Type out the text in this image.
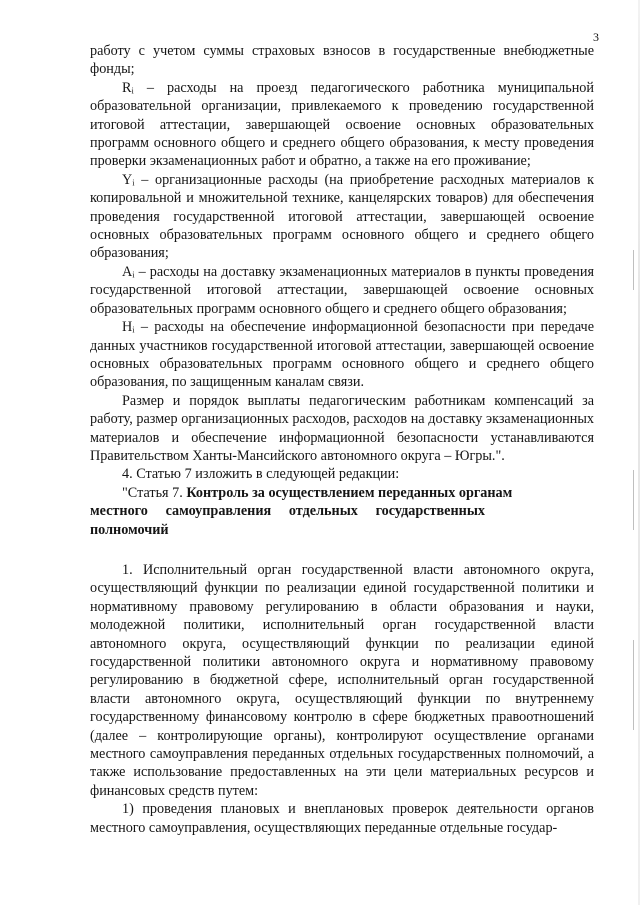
3

работу с учетом суммы страховых взносов в государственные внебюджетные фонды;

Rᵢ – расходы на проезд педагогического работника муниципальной образовательной организации, привлекаемого к проведению государственной итоговой аттестации, завершающей освоение основных образовательных программ основного общего и среднего общего образования, к месту проведения проверки экзаменационных работ и обратно, а также на его проживание;

Yᵢ – организационные расходы (на приобретение расходных материалов к копировальной и множительной технике, канцелярских товаров) для обеспечения проведения государственной итоговой аттестации, завершающей освоение основных образовательных программ основного общего и среднего общего образования;

Aᵢ – расходы на доставку экзаменационных материалов в пункты проведения государственной итоговой аттестации, завершающей освоение основных образовательных программ основного общего и среднего общего образования;

Hᵢ – расходы на обеспечение информационной безопасности при передаче данных участников государственной итоговой аттестации, завершающей освоение основных образовательных программ основного общего и среднего общего образования, по защищенным каналам связи.

Размер и порядок выплаты педагогическим работникам компенсаций за работу, размер организационных расходов, расходов на доставку экзаменационных материалов и обеспечение информационной безопасности устанавливаются Правительством Ханты-Мансийского автономного округа – Югры.".

4. Статью 7 изложить в следующей редакции:

"Статья 7. Контроль за осуществлением переданных органам

местного самоуправления отдельных государственных полномочий

1. Исполнительный орган государственной власти автономного округа, осуществляющий функции по реализации единой государственной политики и нормативному правовому регулированию в области образования и науки, молодежной политики, исполнительный орган государственной власти автономного округа, осуществляющий функции по реализации единой государственной политики автономного округа и нормативному правовому регулированию в бюджетной сфере, исполнительный орган государственной власти автономного округа, осуществляющий функции по внутреннему государственному финансовому контролю в сфере бюджетных правоотношений (далее – контролирующие органы), контролируют осуществление органами местного самоуправления переданных отдельных государственных полномочий, а также использование предоставленных на эти цели материальных ресурсов и финансовых средств путем:

1) проведения плановых и внеплановых проверок деятельности органов местного самоуправления, осуществляющих переданные отдельные государ-
